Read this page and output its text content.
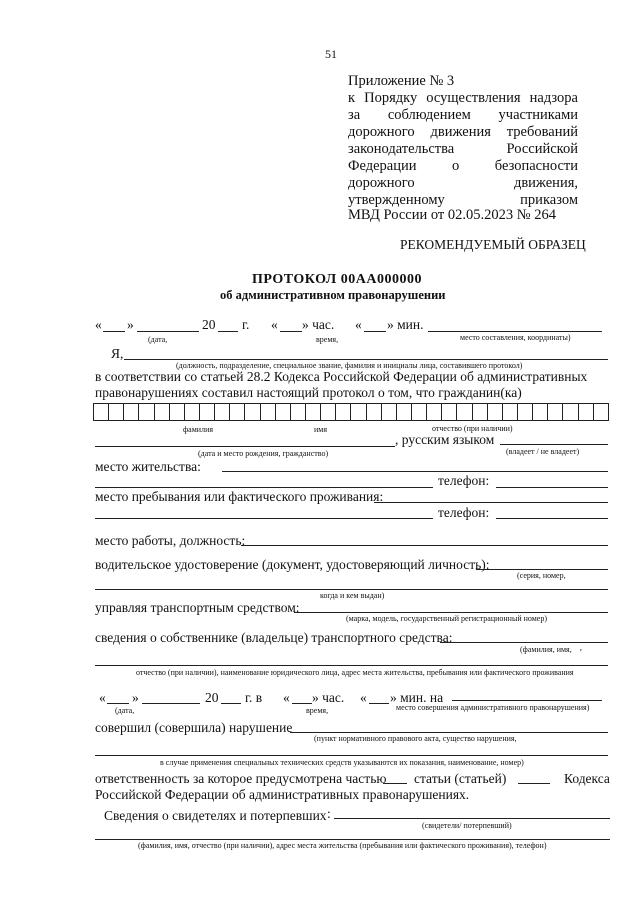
51
Приложение № 3
к Порядку осуществления надзора
за соблюдением участниками
дорожного движения требований
законодательства	Российской
Федерации о безопасности
дорожного	движения,
утвержденному	приказом
МВД России от 02.05.2023 № 264
РЕКОМЕНДУЕМЫЙ ОБРАЗЕЦ
ПРОТОКОЛ 00АА000000
об административном правонарушении
« »	20 г. « » час. « » мин.
(дата,	время,	место составления, координаты)
Я,
(должность, подразделение, специальное звание, фамилия и инициалы лица, составившего протокол)
в соответствии со статьей 28.2 Кодекса Российской Федерации об административных
правонарушениях составил настоящий протокол о том, что гражданин(ка)
фамилия	имя	отчество (при наличии)
, русским языком
(дата и место рождения, гражданство)	(владеет / не владеет)
место жительства:
телефон:
место пребывания или фактического проживания:
телефон:
место работы, должность:
водительское удостоверение (документ, удостоверяющий личность):
(серия, номер,
когда и кем выдан)
управляя транспортным средством:
(марка, модель, государственный регистрационный номер)
сведения о собственнике (владельце) транспортного средства:
(фамилия, имя, '
отчество (при наличии), наименование юридического лица, адрес места жительства, пребывания или фактического проживания
« »	20 г. в « » час. « » мин. на
(дата,	время,	место совершения административного правонарушения)
совершил (совершила) нарушение
(пункт нормативного правового акта, существо нарушения,
в случае применения специальных технических средств указываются их показания, наименование, номер)
ответственность за которое предусмотрена частью статьи (статьей)	Кодекса
Российской Федерации об административных правонарушениях.
Сведения о свидетелях и потерпевших :
(свидетели/ потерпевший)
(фамилия, имя, отчество (при наличии), адрес места жительства (пребывания или фактического проживания), телефон)
